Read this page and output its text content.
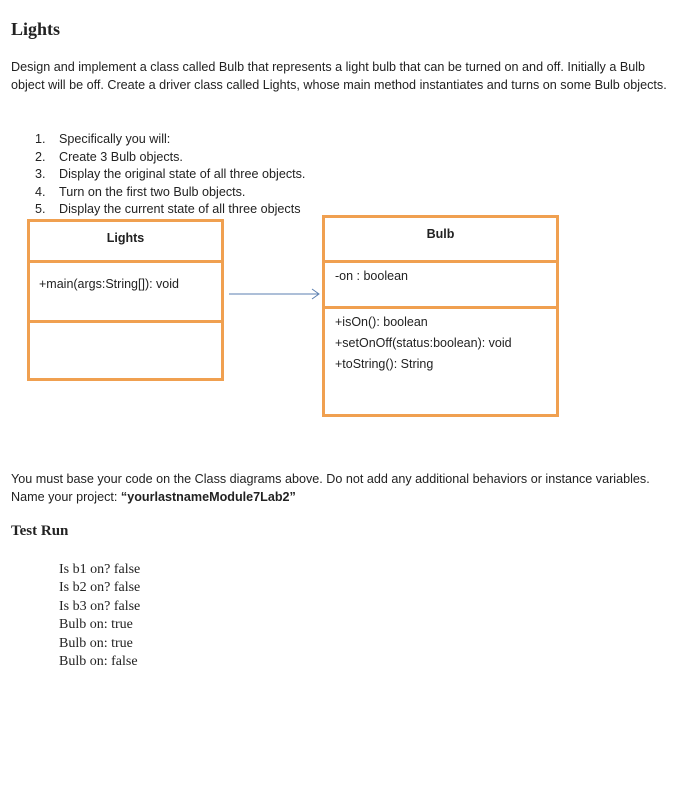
Lights
Design and implement a class called Bulb that represents a light bulb that can be turned on and off. Initially a Bulb object will be off. Create a driver class called Lights, whose main method instantiates and turns on some Bulb objects.
1.	Specifically you will:
2.	Create 3 Bulb objects.
3.	Display the original state of all three objects.
4.	Turn on the first two Bulb objects.
5.	Display the current state of all three objects
Lights
+main(args:String[]): void
Bulb
-on : boolean
+isOn(): boolean
+setOnOff(status:boolean): void
+toString(): String
You must base your code on the Class diagrams above. Do not add any additional behaviors or instance variables. Name your project: “yourlastnameModule7Lab2”
Test Run
Is b1 on? false
Is b2 on? false
Is b3 on? false
Bulb on: true
Bulb on: true
Bulb on: false
